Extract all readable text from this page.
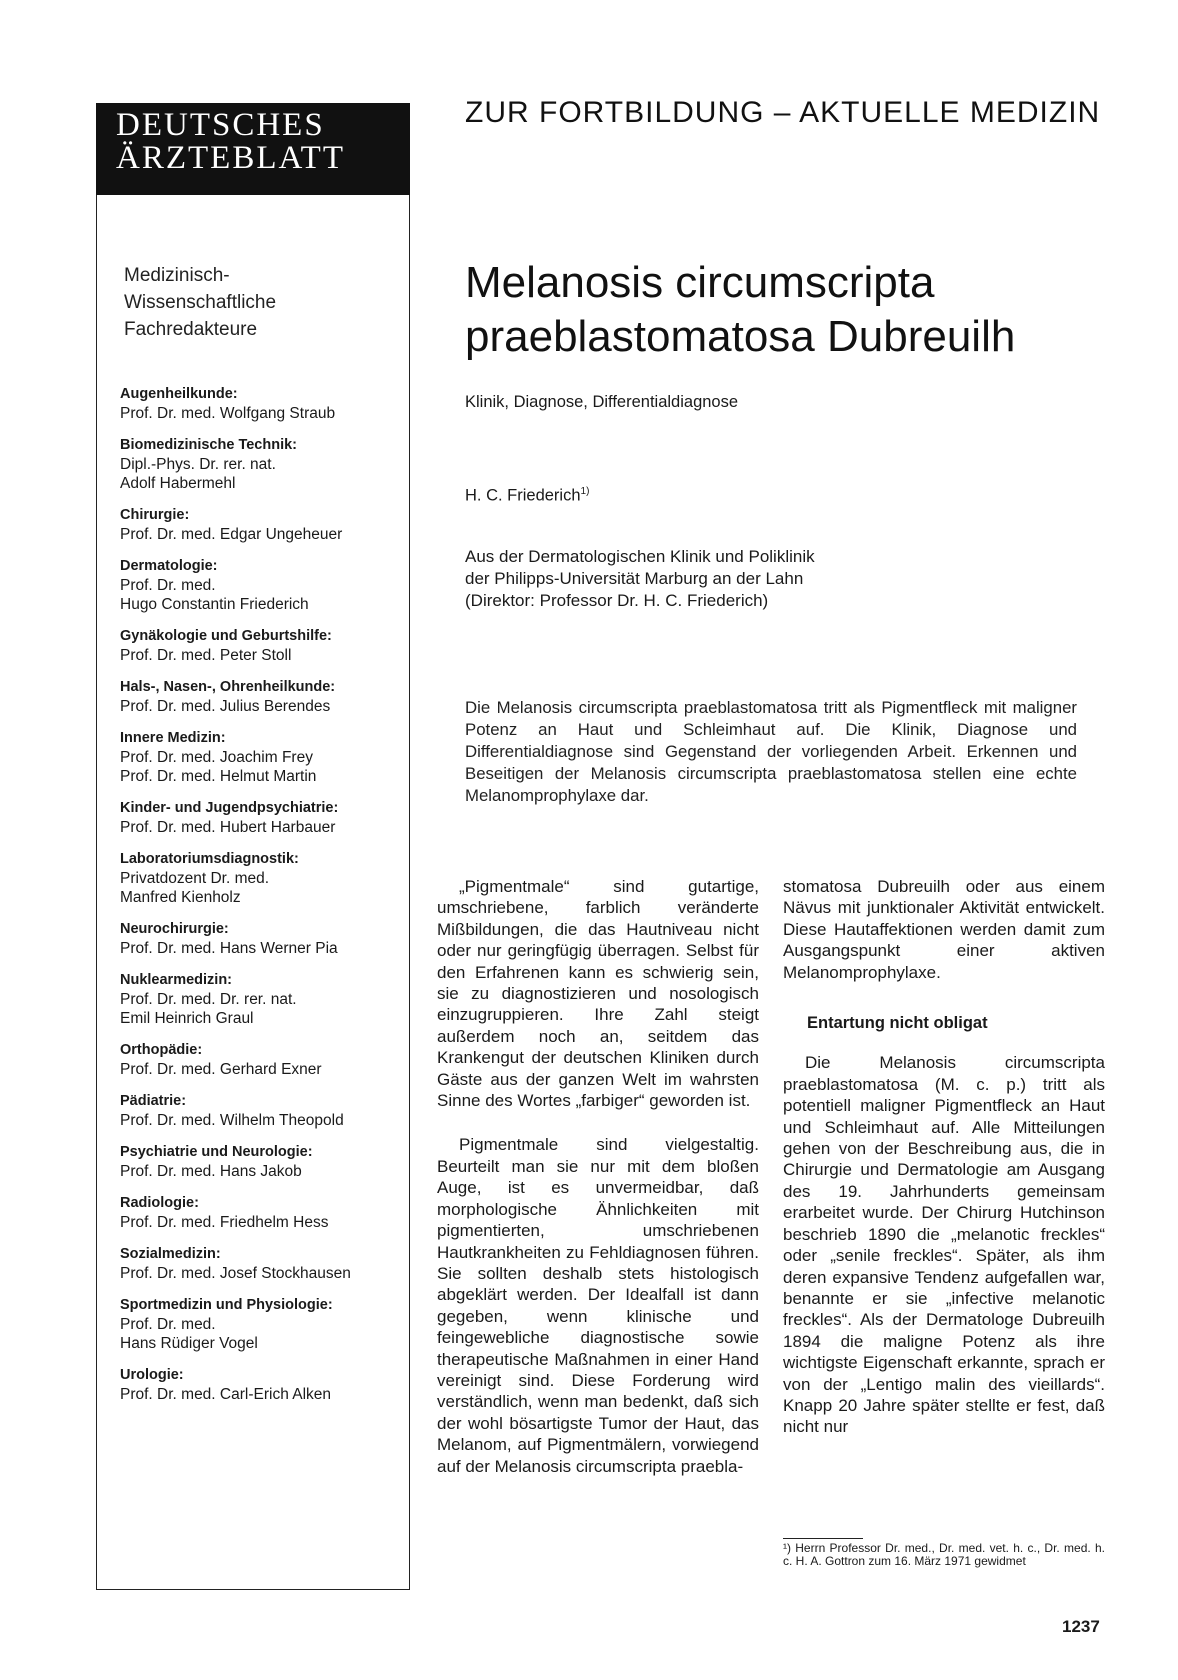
DEUTSCHES
ÄRZTEBLATT
Medizinisch-
Wissenschaftliche
Fachredakteure
Augenheilkunde:
Prof. Dr. med. Wolfgang Straub
Biomedizinische Technik:
Dipl.-Phys. Dr. rer. nat.
Adolf Habermehl
Chirurgie:
Prof. Dr. med. Edgar Ungeheuer
Dermatologie:
Prof. Dr. med.
Hugo Constantin Friederich
Gynäkologie und Geburtshilfe:
Prof. Dr. med. Peter Stoll
Hals-, Nasen-, Ohrenheilkunde:
Prof. Dr. med. Julius Berendes
Innere Medizin:
Prof. Dr. med. Joachim Frey
Prof. Dr. med. Helmut Martin
Kinder- und Jugendpsychiatrie:
Prof. Dr. med. Hubert Harbauer
Laboratoriumsdiagnostik:
Privatdozent Dr. med.
Manfred Kienholz
Neurochirurgie:
Prof. Dr. med. Hans Werner Pia
Nuklearmedizin:
Prof. Dr. med. Dr. rer. nat.
Emil Heinrich Graul
Orthopädie:
Prof. Dr. med. Gerhard Exner
Pädiatrie:
Prof. Dr. med. Wilhelm Theopold
Psychiatrie und Neurologie:
Prof. Dr. med. Hans Jakob
Radiologie:
Prof. Dr. med. Friedhelm Hess
Sozialmedizin:
Prof. Dr. med. Josef Stockhausen
Sportmedizin und Physiologie:
Prof. Dr. med.
Hans Rüdiger Vogel
Urologie:
Prof. Dr. med. Carl-Erich Alken
ZUR FORTBILDUNG – AKTUELLE MEDIZIN
Melanosis circumscripta
praeblastomatosa Dubreuilh
Klinik, Diagnose, Differentialdiagnose
H. C. Friederich$^{1)}$
Aus der Dermatologischen Klinik und Poliklinik
der Philipps-Universität Marburg an der Lahn
(Direktor: Professor Dr. H. C. Friederich)
Die Melanosis circumscripta praeblastomatosa tritt als Pigmentfleck mit maligner Potenz an Haut und Schleimhaut auf. Die Klinik, Diagnose und Differentialdiagnose sind Gegenstand der vorliegenden Arbeit. Erkennen und Beseitigen der Melanosis circumscripta praeblastomatosa stellen eine echte Melanomprophylaxe dar.

„Pigmentmale“ sind gutartige, umschriebene, farblich veränderte Mißbildungen, die das Hautniveau nicht oder nur geringfügig überragen. Selbst für den Erfahrenen kann es schwierig sein, sie zu diagnostizieren und nosologisch einzugruppieren. Ihre Zahl steigt außerdem noch an, seitdem das Krankengut der deutschen Kliniken durch Gäste aus der ganzen Welt im wahrsten Sinne des Wortes „farbiger“ geworden ist.

Pigmentmale sind vielgestaltig. Beurteilt man sie nur mit dem bloßen Auge, ist es unvermeidbar, daß morphologische Ähnlichkeiten mit pigmentierten, umschriebenen Hautkrankheiten zu Fehldiagnosen führen. Sie sollten deshalb stets histologisch abgeklärt werden. Der Idealfall ist dann gegeben, wenn klinische und feingewebliche diagnostische sowie therapeutische Maßnahmen in einer Hand vereinigt sind. Diese Forderung wird verständlich, wenn man bedenkt, daß sich der wohl bösartigste Tumor der Haut, das Melanom, auf Pigmentmälern, vorwiegend auf der Melanosis circumscripta praebla-

stomatosa Dubreuilh oder aus einem Nävus mit junktionaler Aktivität entwickelt. Diese Hautaffektionen werden damit zum Ausgangspunkt einer aktiven Melanomprophylaxe.

Entartung nicht obligat

Die Melanosis circumscripta praeblastomatosa (M. c. p.) tritt als potentiell maligner Pigmentfleck an Haut und Schleimhaut auf. Alle Mitteilungen gehen von der Beschreibung aus, die in Chirurgie und Dermatologie am Ausgang des 19. Jahrhunderts gemeinsam erarbeitet wurde. Der Chirurg Hutchinson beschrieb 1890 die „melanotic freckles“ oder „senile freckles“. Später, als ihm deren expansive Tendenz aufgefallen war, benannte er sie „infective melanotic freckles“. Als der Dermatologe Dubreuilh 1894 die maligne Potenz als ihre wichtigste Eigenschaft erkannte, sprach er von der „Lentigo malin des vieillards“. Knapp 20 Jahre später stellte er fest, daß nicht nur

¹) Herrn Professor Dr. med., Dr. med. vet. h. c., Dr. med. h. c. H. A. Gottron zum 16. März 1971 gewidmet
1237
